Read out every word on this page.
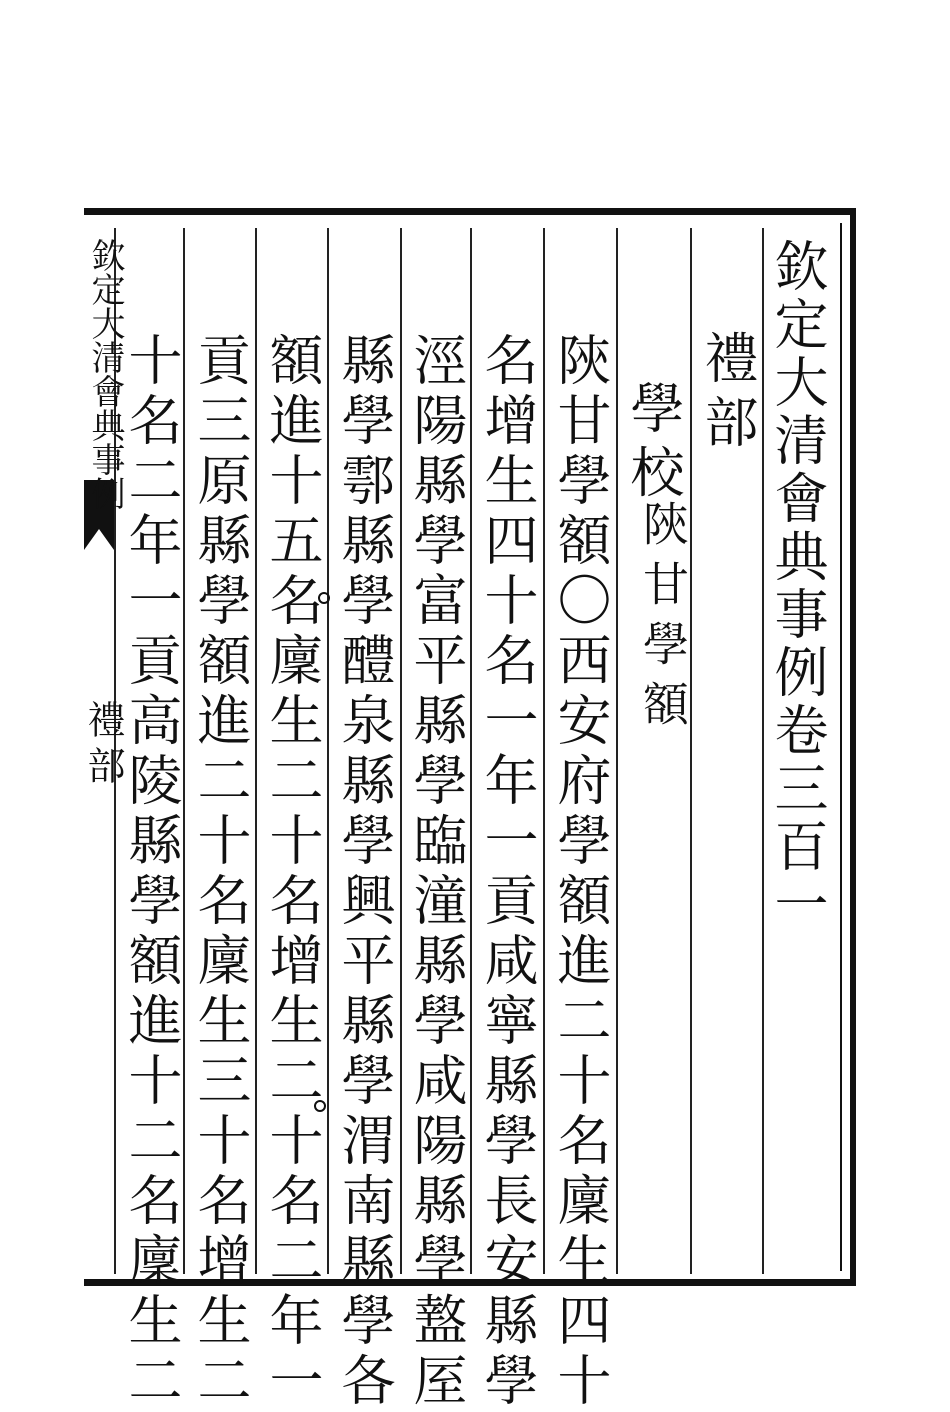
欽定大清會典事例
禮部	欽定大清會典事例卷三百一
禮部
學校
陝甘學額
陝甘學額〇西安府學額進二十名廩生四十
名增生四十名一年一貢咸寧縣學長安縣學
涇陽縣學富平縣學臨潼縣學咸陽縣學盩厔
縣學鄠縣學醴泉縣學興平縣學渭南縣學各
額進十五名廩生二十名增生二十名二年一
貢三原縣學額進二十名廩生三十名增生二
十名二年一貢高陵縣學額進十二名廩生二
